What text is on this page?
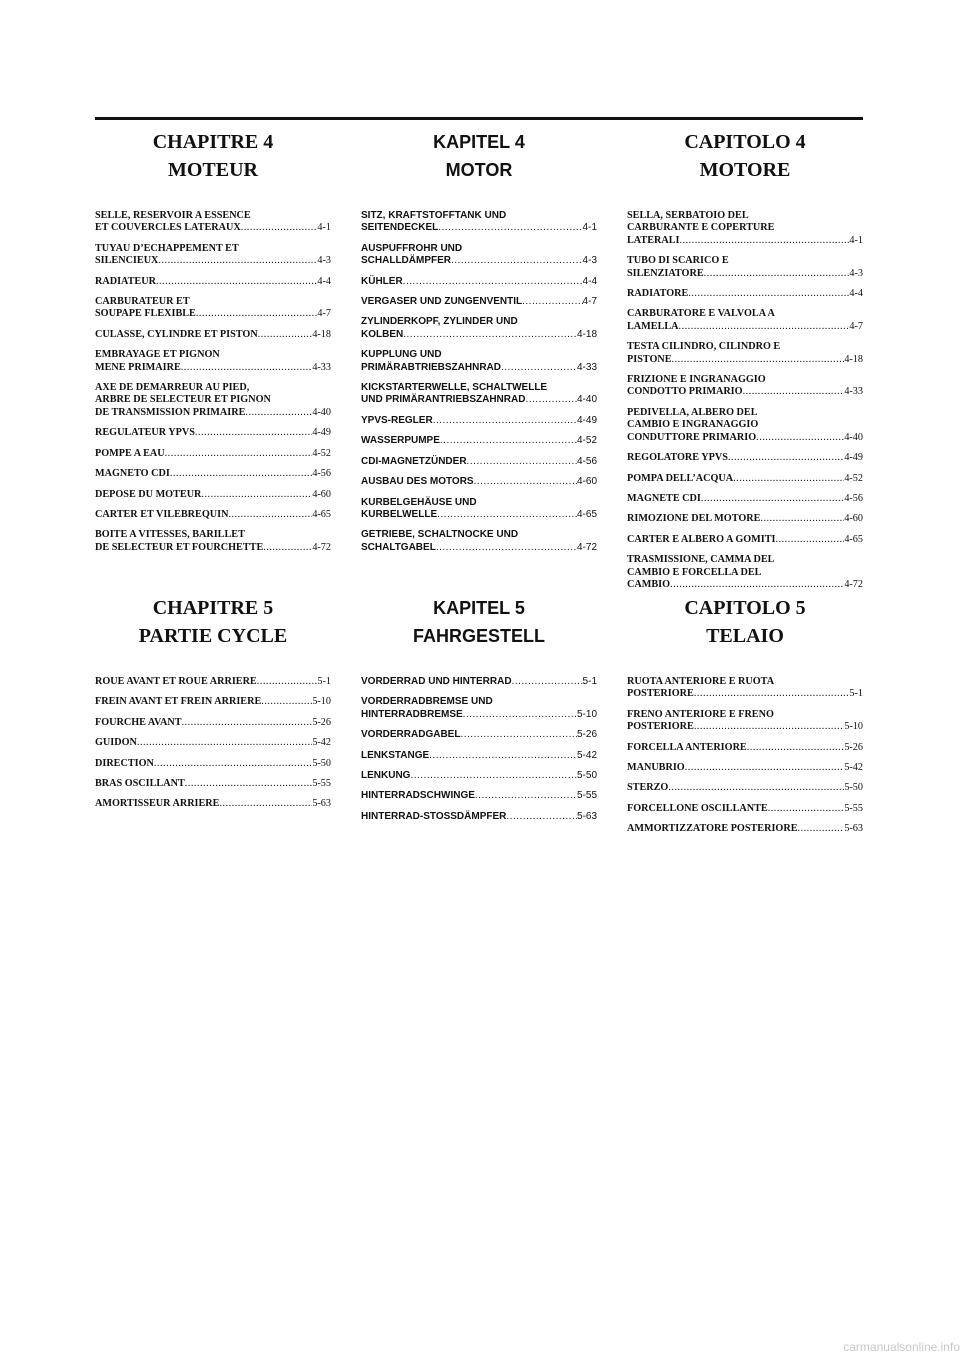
CHAPITRE 4
MOTEUR
SELLE, RESERVOIR A ESSENCE
ET COUVERCLES LATERAUX .....	4-1
TUYAU D’ECHAPPEMENT ET
SILENCIEUX .....	4-3
RADIATEUR .....	4-4
CARBURATEUR ET
SOUPAPE FLEXIBLE .....	4-7
CULASSE, CYLINDRE ET PISTON .....	4-18
EMBRAYAGE ET PIGNON
MENE PRIMAIRE .....	4-33
AXE DE DEMARREUR AU PIED,
ARBRE DE SELECTEUR ET PIGNON
DE TRANSMISSION PRIMAIRE .....	4-40
REGULATEUR YPVS .....	4-49
POMPE A EAU .....	4-52
MAGNETO CDI .....	4-56
DEPOSE DU MOTEUR .....	4-60
CARTER ET VILEBREQUIN .....	4-65
BOITE A VITESSES, BARILLET
DE SELECTEUR ET FOURCHETTE .....	4-72
KAPITEL 4
MOTOR
SITZ, KRAFTSTOFFTANK UND
SEITENDECKEL .....	4-1
AUSPUFFROHR UND
SCHALLDÄMPFER .....	4-3
KÜHLER .....	4-4
VERGASER UND ZUNGENVENTIL .....	4-7
ZYLINDERKOPF, ZYLINDER UND
KOLBEN .....	4-18
KUPPLUNG UND
PRIMÄRABTRIEBSZAHNRAD .....	4-33
KICKSTARTERWELLE, SCHALTWELLE
UND PRIMÄRANTRIEBSZAHNRAD .....	4-40
YPVS-REGLER .....	4-49
WASSERPUMPE .....	4-52
CDI-MAGNETZÜNDER .....	4-56
AUSBAU DES MOTORS .....	4-60
KURBELGEHÄUSE UND
KURBELWELLE .....	4-65
GETRIEBE, SCHALTNOCKE UND
SCHALTGABEL .....	4-72
CAPITOLO 4
MOTORE
SELLA, SERBATOIO DEL
CARBURANTE E COPERTURE
LATERALI .....	4-1
TUBO DI SCARICO E
SILENZIATORE .....	4-3
RADIATORE .....	4-4
CARBURATORE E VALVOLA A
LAMELLA .....	4-7
TESTA CILINDRO, CILINDRO E
PISTONE .....	4-18
FRIZIONE E INGRANAGGIO
CONDOTTO PRIMARIO .....	4-33
PEDIVELLA, ALBERO DEL
CAMBIO E INGRANAGGIO
CONDUTTORE PRIMARIO .....	4-40
REGOLATORE YPVS .....	4-49
POMPA DELL’ACQUA .....	4-52
MAGNETE CDI .....	4-56
RIMOZIONE DEL MOTORE .....	4-60
CARTER E ALBERO A GOMITI .....	4-65
TRASMISSIONE, CAMMA DEL
CAMBIO E FORCELLA DEL
CAMBIO .....	4-72
CHAPITRE 5
PARTIE CYCLE
ROUE AVANT ET ROUE ARRIERE .....	5-1
FREIN AVANT ET FREIN ARRIERE .....	5-10
FOURCHE AVANT .....	5-26
GUIDON .....	5-42
DIRECTION .....	5-50
BRAS OSCILLANT .....	5-55
AMORTISSEUR ARRIERE .....	5-63
KAPITEL 5
FAHRGESTELL
VORDERRAD UND HINTERRAD .....	5-1
VORDERRADBREMSE UND
HINTERRADBREMSE .....	5-10
VORDERRADGABEL .....	5-26
LENKSTANGE .....	5-42
LENKUNG .....	5-50
HINTERRADSCHWINGE .....	5-55
HINTERRAD-STOSSDÄMPFER .....	5-63
CAPITOLO 5
TELAIO
RUOTA ANTERIORE E RUOTA
POSTERIORE .....	5-1
FRENO ANTERIORE E FRENO
POSTERIORE .....	5-10
FORCELLA ANTERIORE .....	5-26
MANUBRIO .....	5-42
STERZO .....	5-50
FORCELLONE OSCILLANTE .....	5-55
AMMORTIZZATORE POSTERIORE .....	5-63
carmanualsonline.info
